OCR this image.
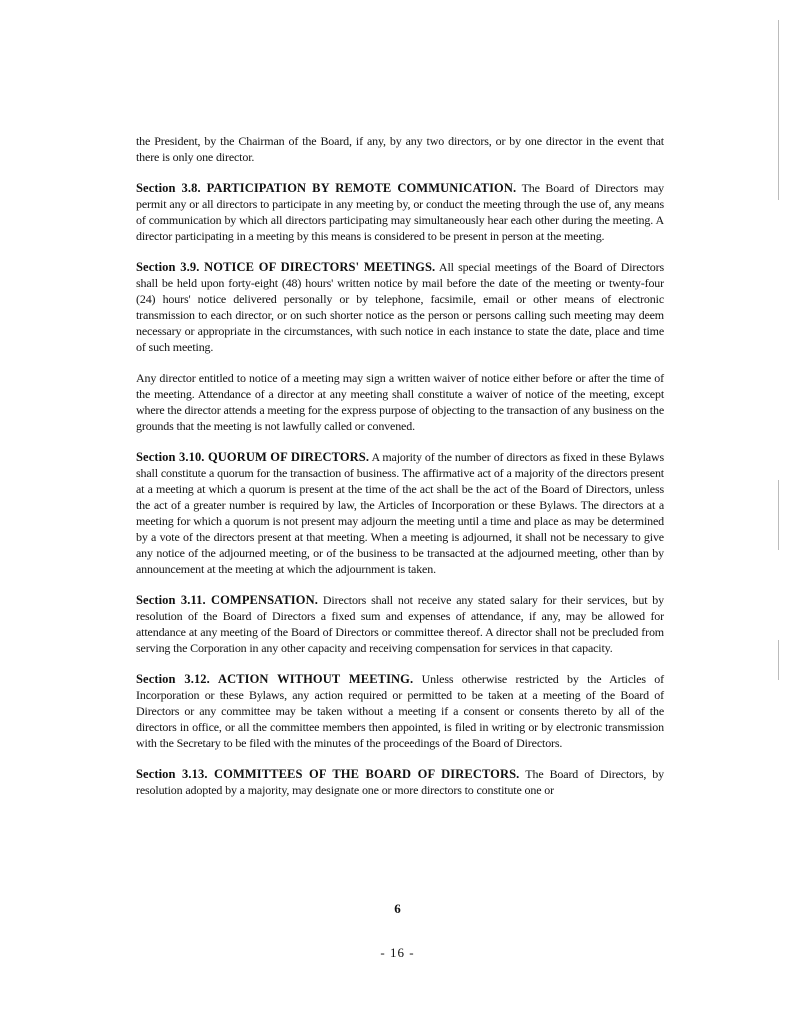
the President, by the Chairman of the Board, if any, by any two directors, or by one director in the event that there is only one director.

Section 3.8. PARTICIPATION BY REMOTE COMMUNICATION. The Board of Directors may permit any or all directors to participate in any meeting by, or conduct the meeting through the use of, any means of communication by which all directors participating may simultaneously hear each other during the meeting. A director participating in a meeting by this means is considered to be present in person at the meeting.

Section 3.9. NOTICE OF DIRECTORS' MEETINGS. All special meetings of the Board of Directors shall be held upon forty-eight (48) hours' written notice by mail before the date of the meeting or twenty-four (24) hours' notice delivered personally or by telephone, facsimile, email or other means of electronic transmission to each director, or on such shorter notice as the person or persons calling such meeting may deem necessary or appropriate in the circumstances, with such notice in each instance to state the date, place and time of such meeting.

Any director entitled to notice of a meeting may sign a written waiver of notice either before or after the time of the meeting. Attendance of a director at any meeting shall constitute a waiver of notice of the meeting, except where the director attends a meeting for the express purpose of objecting to the transaction of any business on the grounds that the meeting is not lawfully called or convened.

Section 3.10. QUORUM OF DIRECTORS. A majority of the number of directors as fixed in these Bylaws shall constitute a quorum for the transaction of business. The affirmative act of a majority of the directors present at a meeting at which a quorum is present at the time of the act shall be the act of the Board of Directors, unless the act of a greater number is required by law, the Articles of Incorporation or these Bylaws. The directors at a meeting for which a quorum is not present may adjourn the meeting until a time and place as may be determined by a vote of the directors present at that meeting. When a meeting is adjourned, it shall not be necessary to give any notice of the adjourned meeting, or of the business to be transacted at the adjourned meeting, other than by announcement at the meeting at which the adjournment is taken.

Section 3.11. COMPENSATION. Directors shall not receive any stated salary for their services, but by resolution of the Board of Directors a fixed sum and expenses of attendance, if any, may be allowed for attendance at any meeting of the Board of Directors or committee thereof. A director shall not be precluded from serving the Corporation in any other capacity and receiving compensation for services in that capacity.

Section 3.12. ACTION WITHOUT MEETING. Unless otherwise restricted by the Articles of Incorporation or these Bylaws, any action required or permitted to be taken at a meeting of the Board of Directors or any committee may be taken without a meeting if a consent or consents thereto by all of the directors in office, or all the committee members then appointed, is filed in writing or by electronic transmission with the Secretary to be filed with the minutes of the proceedings of the Board of Directors.

Section 3.13. COMMITTEES OF THE BOARD OF DIRECTORS. The Board of Directors, by resolution adopted by a majority, may designate one or more directors to constitute one or

6
- 16 -
